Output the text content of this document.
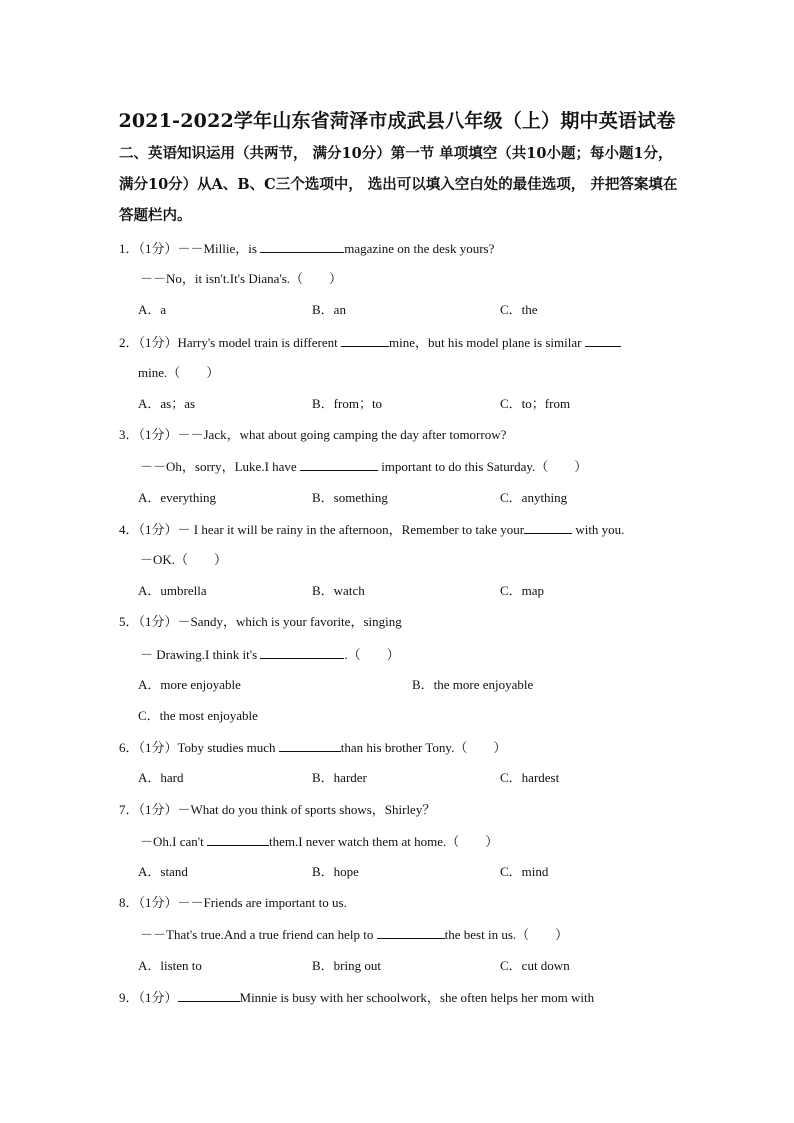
2021-2022学年山东省菏泽市成武县八年级（上）期中英语试卷
二、英语知识运用（共两节， 满分10分）第一节 单项填空（共10小题；每小题1分，
满分10分）从A、B、C三个选项中， 选出可以填入空白处的最佳选项， 并把答案填在
答题栏内。
1．（1分）－－Millie，is	magazine on the desk yours?
－－No，it isn't.It's Diana's.（　　）
A．a	B．an	C．the
2．（1分）Harry's model train is different	mine，but his model plane is similar
mine.（　　）
A．as；as	B．from；to	C．to；from
3．（1分）－－Jack，what about going camping the day after tomorrow?
－－Oh，sorry，Luke.I have	important to do this Saturday.（　　）
A．everything	B．something	C．anything
4．（1分）－ I hear it will be rainy in the afternoon，Remember to take your	with you.
－OK.（　　）
A．umbrella	B．watch	C．map
5．（1分）－Sandy，which is your favorite，singing
－ Drawing.I think it's	.（　　）
A．more enjoyable	B．the more enjoyable
C．the most enjoyable
6．（1分）Toby studies much	than his brother Tony.（　　）
A．hard	B．harder	C．hardest
7．（1分）－What do you think of sports shows，Shirley？
－Oh.I can't	them.I never watch them at home.（　　）
A．stand	B．hope	C．mind
8．（1分）－－Friends are important to us.
－－That's true.And a true friend can help to	the best in us.（　　）
A．listen to	B．bring out	C．cut down
9．（1分）	Minnie is busy with her schoolwork，she often helps her mom with
